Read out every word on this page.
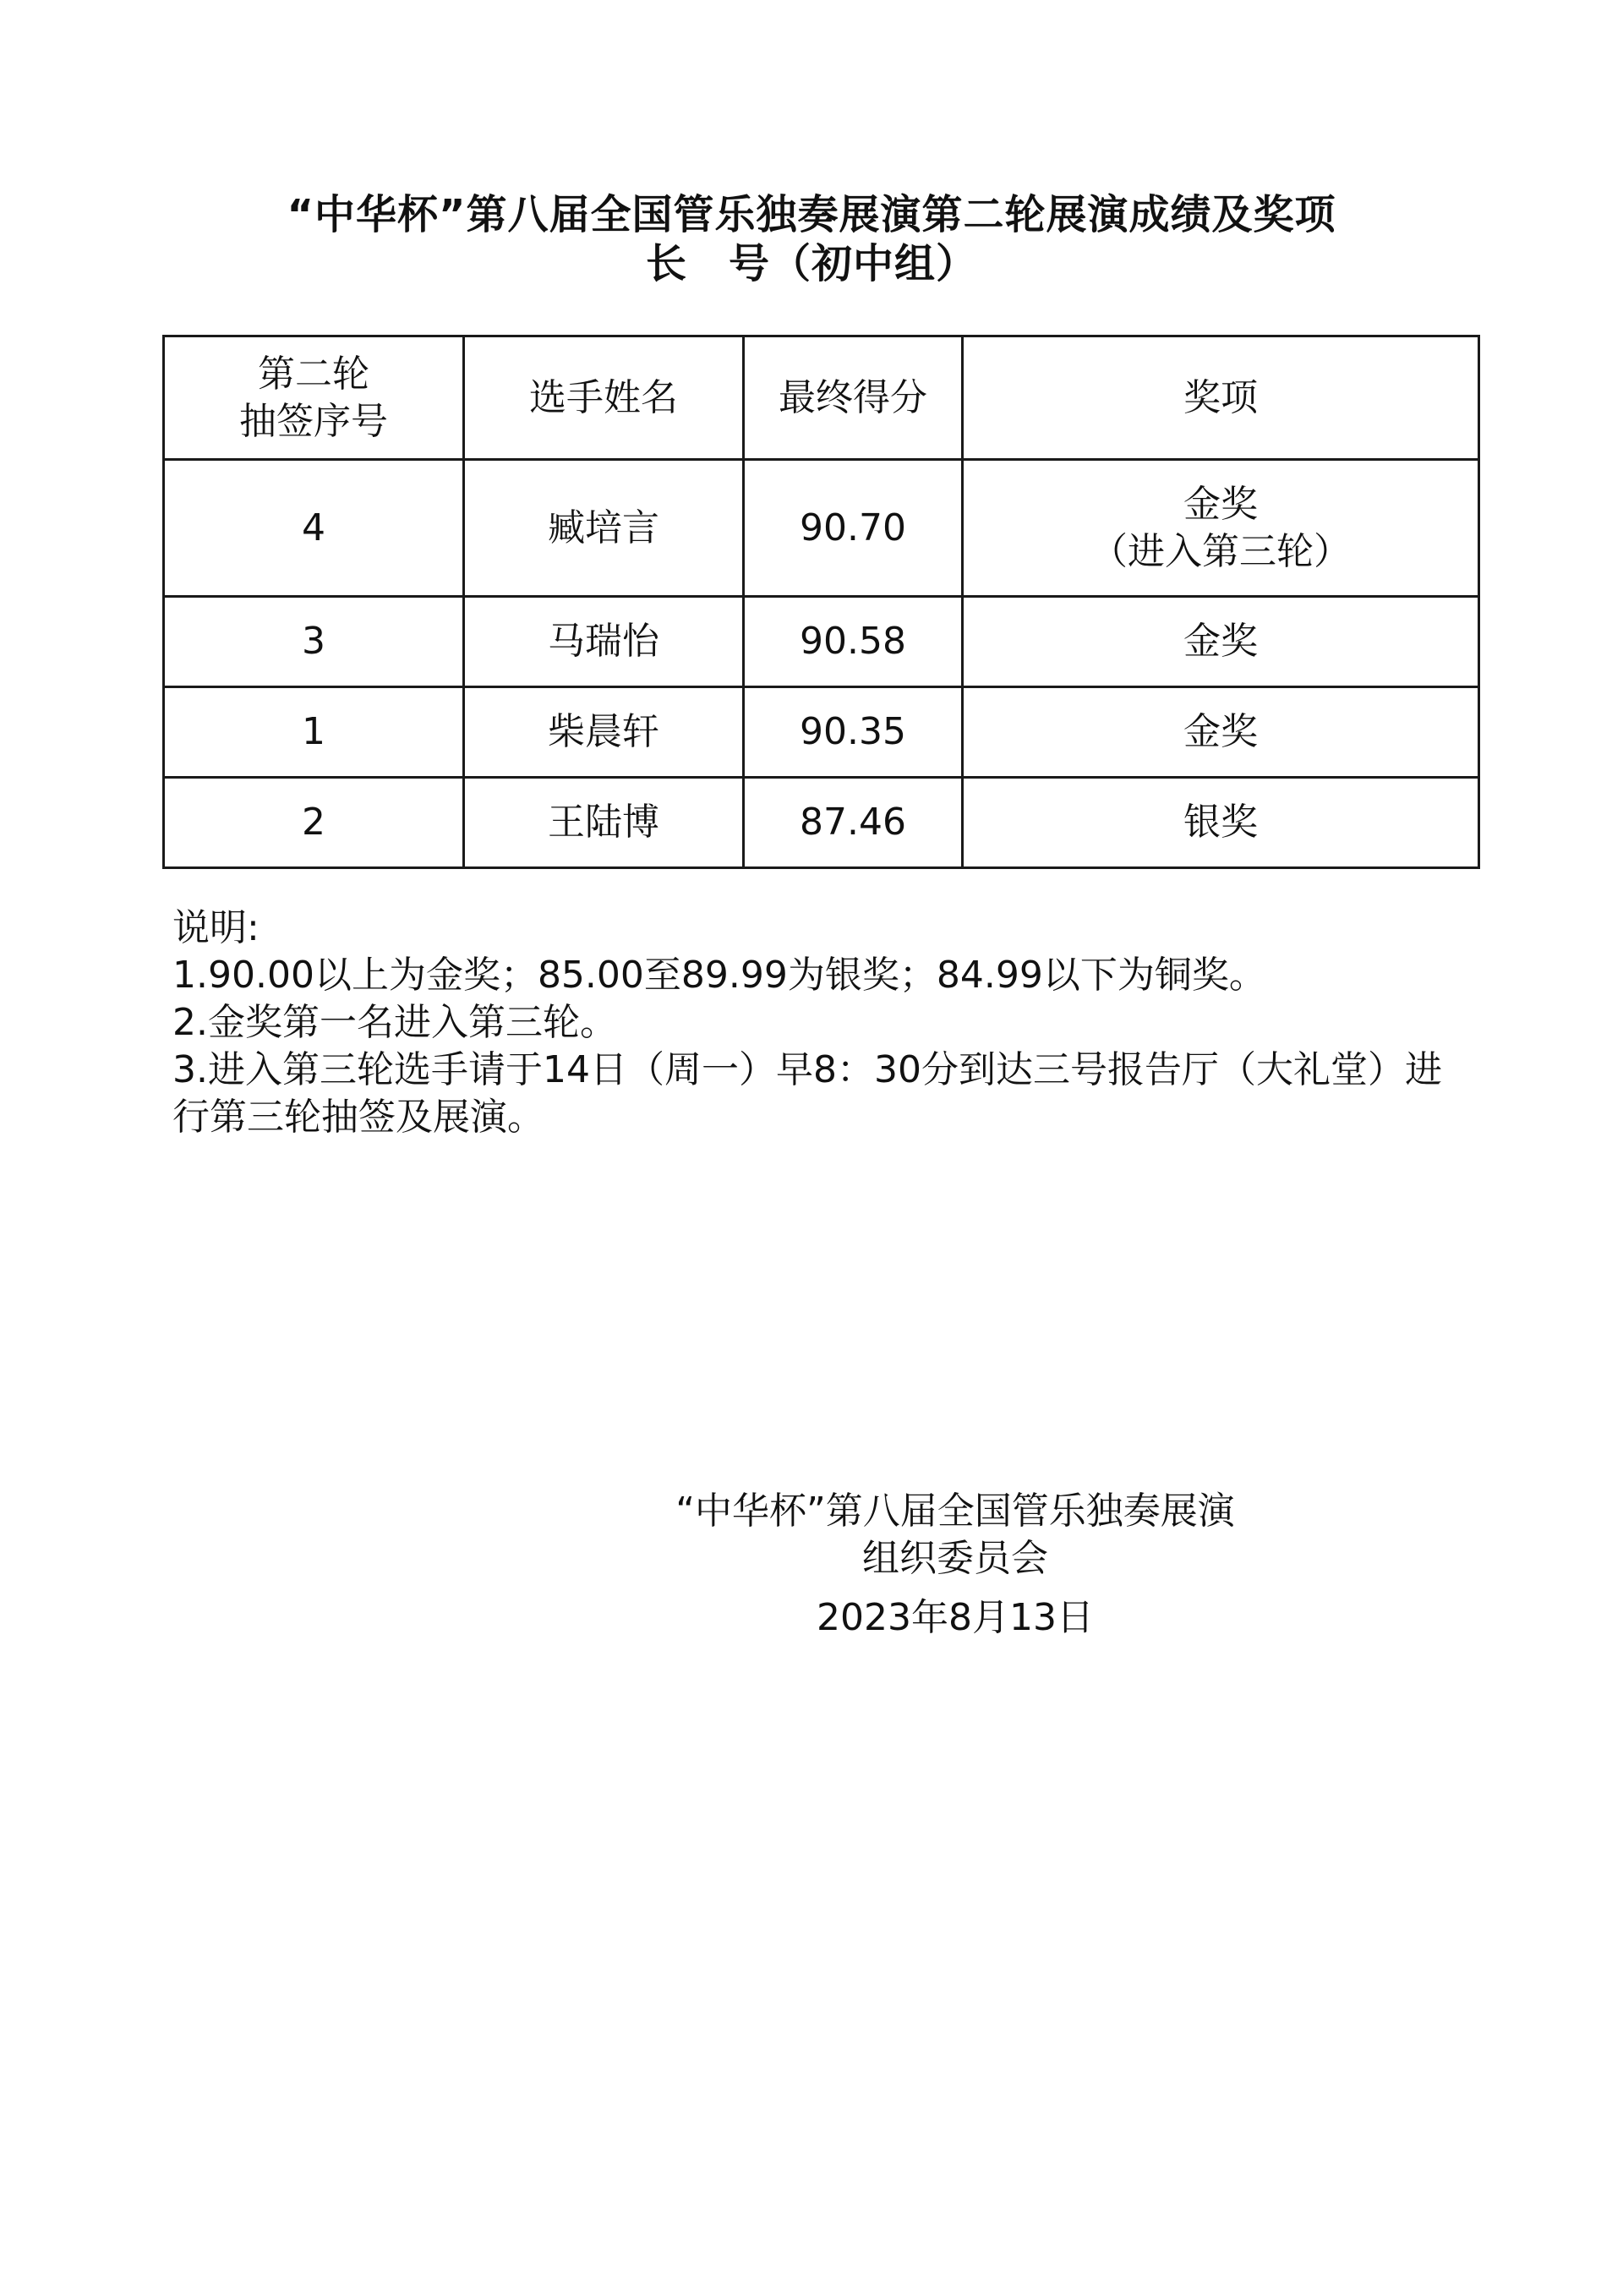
“中华杯”第八届全国管乐独奏展演第二轮展演成绩及奖项
长　号（初中组）
第二轮
抽签序号	选手姓名	最终得分	奖项
4	臧培言	90.70	金奖
（进入第三轮）

3	马瑞怡	90.58	金奖
1	柴晨轩	90.35	金奖
2	王陆博	87.46	银奖

说明:

1.90.00以上为金奖；85.00至89.99为银奖；84.99以下为铜奖。

2.金奖第一名进入第三轮。

3.进入第三轮选手请于14日（周一）早8：30分到达三号报告厅（大礼堂）进行第三轮抽签及展演。

“中华杯”第八届全国管乐独奏展演
组织委员会
2023年8月13日
